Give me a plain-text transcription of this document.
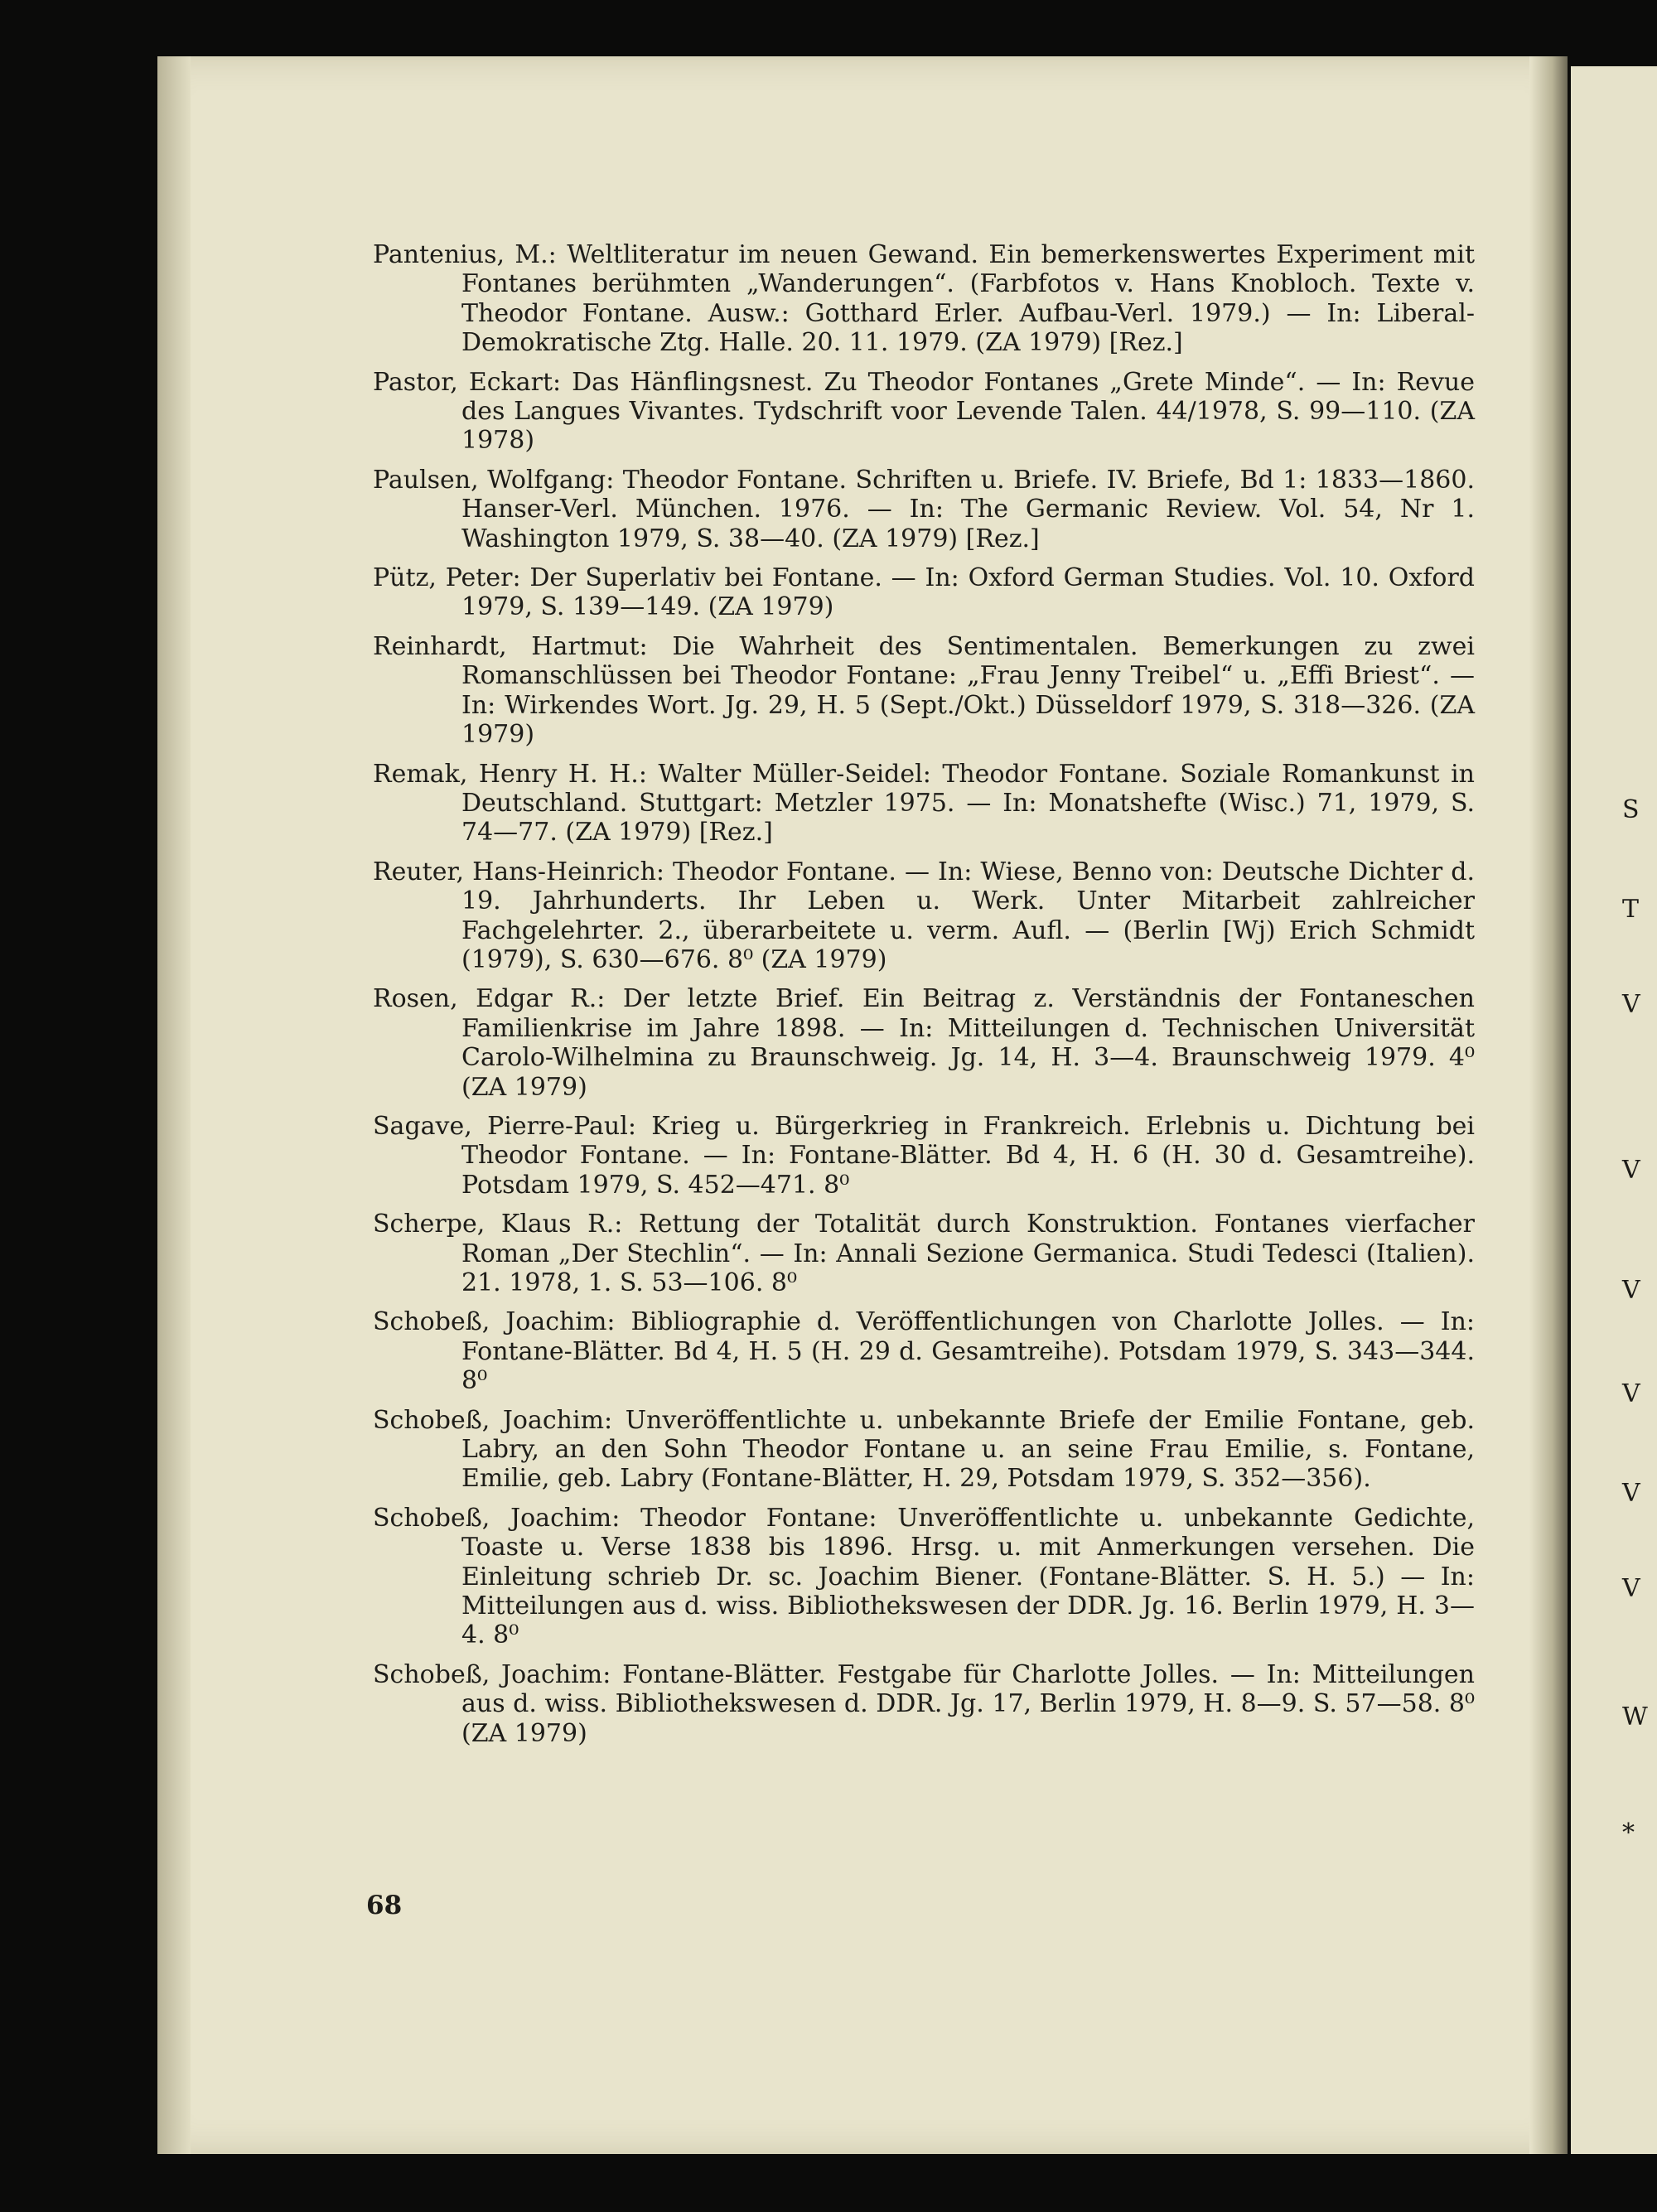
Pantenius, M.: Weltliteratur im neuen Gewand. Ein bemerkenswertes Experiment mit Fontanes berühmten „Wanderungen“. (Farbfotos v. Hans Knobloch. Texte v. Theodor Fontane. Ausw.: Gotthard Erler. Aufbau-Verl. 1979.) — In: Liberal-Demokratische Ztg. Halle. 20. 11. 1979. (ZA 1979) [Rez.]
Pastor, Eckart: Das Hänflingsnest. Zu Theodor Fontanes „Grete Minde“. — In: Revue des Langues Vivantes. Tydschrift voor Levende Talen. 44/1978, S. 99—110. (ZA 1978)
Paulsen, Wolfgang: Theodor Fontane. Schriften u. Briefe. IV. Briefe, Bd 1: 1833—1860. Hanser-Verl. München. 1976. — In: The Germanic Review. Vol. 54, Nr 1. Washington 1979, S. 38—40. (ZA 1979) [Rez.]
Pütz, Peter: Der Superlativ bei Fontane. — In: Oxford German Studies. Vol. 10. Oxford 1979, S. 139—149. (ZA 1979)
Reinhardt, Hartmut: Die Wahrheit des Sentimentalen. Bemerkungen zu zwei Romanschlüssen bei Theodor Fontane: „Frau Jenny Treibel“ u. „Effi Briest“. — In: Wirkendes Wort. Jg. 29, H. 5 (Sept./Okt.) Düsseldorf 1979, S. 318—326. (ZA 1979)
Remak, Henry H. H.: Walter Müller-Seidel: Theodor Fontane. Soziale Romankunst in Deutschland. Stuttgart: Metzler 1975. — In: Monatshefte (Wisc.) 71, 1979, S. 74—77. (ZA 1979) [Rez.]
Reuter, Hans-Heinrich: Theodor Fontane. — In: Wiese, Benno von: Deutsche Dichter d. 19. Jahrhunderts. Ihr Leben u. Werk. Unter Mitarbeit zahlreicher Fachgelehrter. 2., überarbeitete u. verm. Aufl. — (Berlin [Wj) Erich Schmidt (1979), S. 630—676. 8⁰ (ZA 1979)
Rosen, Edgar R.: Der letzte Brief. Ein Beitrag z. Verständnis der Fontaneschen Familienkrise im Jahre 1898. — In: Mitteilungen d. Technischen Universität Carolo-Wilhelmina zu Braunschweig. Jg. 14, H. 3—4. Braunschweig 1979. 4⁰ (ZA 1979)
Sagave, Pierre-Paul: Krieg u. Bürgerkrieg in Frankreich. Erlebnis u. Dichtung bei Theodor Fontane. — In: Fontane-Blätter. Bd 4, H. 6 (H. 30 d. Gesamtreihe). Potsdam 1979, S. 452—471. 8⁰
Scherpe, Klaus R.: Rettung der Totalität durch Konstruktion. Fontanes vierfacher Roman „Der Stechlin“. — In: Annali Sezione Germanica. Studi Tedesci (Italien). 21. 1978, 1. S. 53—106. 8⁰
Schobeß, Joachim: Bibliographie d. Veröffentlichungen von Charlotte Jolles. — In: Fontane-Blätter. Bd 4, H. 5 (H. 29 d. Gesamtreihe). Potsdam 1979, S. 343—344. 8⁰
Schobeß, Joachim: Unveröffentlichte u. unbekannte Briefe der Emilie Fontane, geb. Labry, an den Sohn Theodor Fontane u. an seine Frau Emilie, s. Fontane, Emilie, geb. Labry (Fontane-Blätter, H. 29, Potsdam 1979, S. 352—356).
Schobeß, Joachim: Theodor Fontane: Unveröffentlichte u. unbekannte Gedichte, Toaste u. Verse 1838 bis 1896. Hrsg. u. mit Anmerkungen versehen. Die Einleitung schrieb Dr. sc. Joachim Biener. (Fontane-Blätter. S. H. 5.) — In: Mitteilungen aus d. wiss. Bibliothekswesen der DDR. Jg. 16. Berlin 1979, H. 3—4. 8⁰
Schobeß, Joachim: Fontane-Blätter. Festgabe für Charlotte Jolles. — In: Mitteilungen aus d. wiss. Bibliothekswesen d. DDR. Jg. 17, Berlin 1979, H. 8—9. S. 57—58. 8⁰ (ZA 1979)
68
S
T
V
V
V
V
V
V
W
*
